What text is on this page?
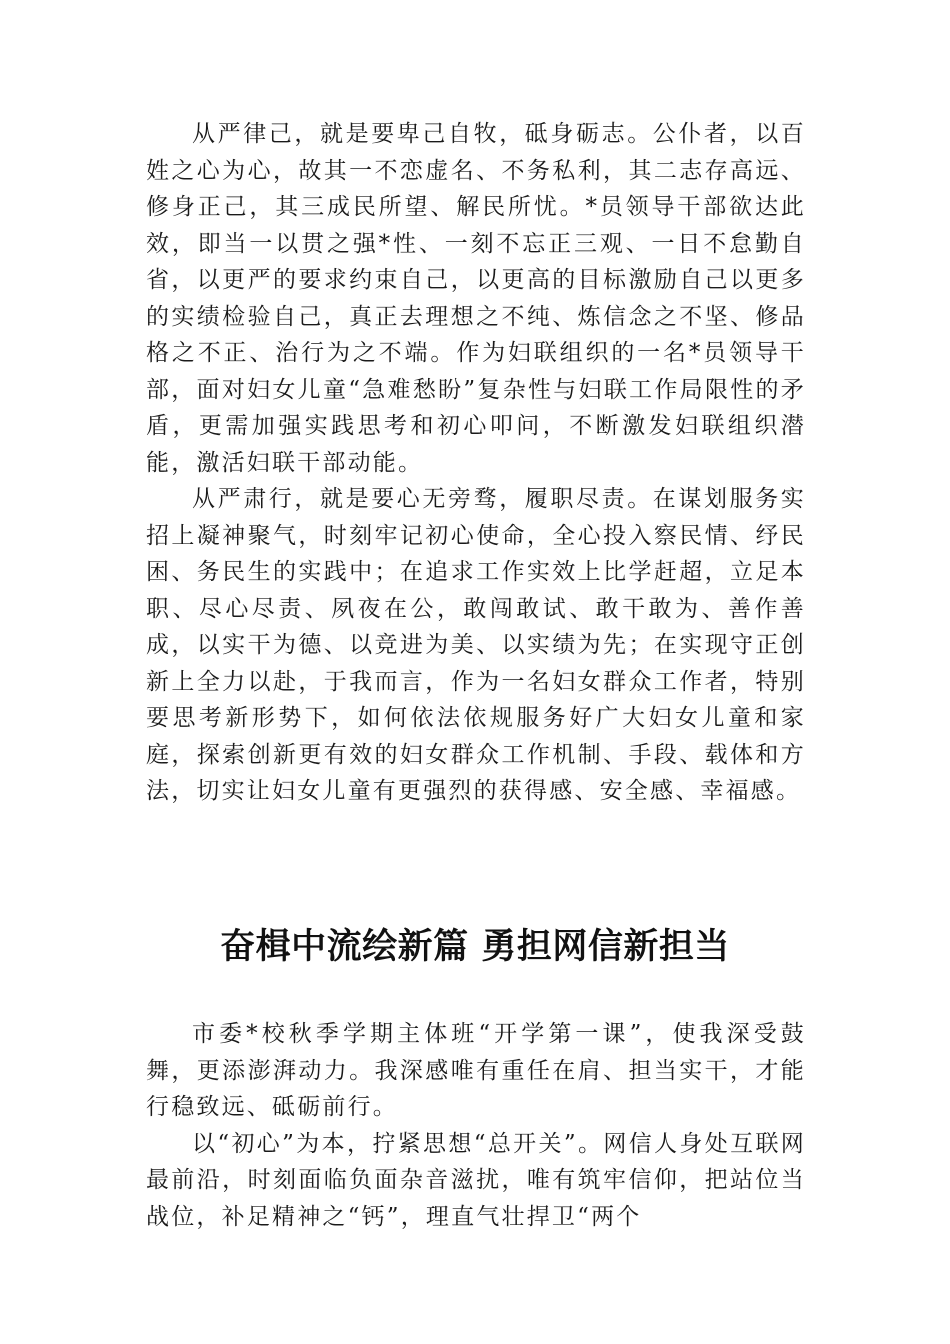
从严律己，就是要卑己自牧，砥身砺志。公仆者，以百姓之心为心，故其一不恋虚名、不务私利，其二志存高远、修身正己，其三成民所望、解民所忧。*员领导干部欲达此效，即当一以贯之强*性、一刻不忘正三观、一日不怠勤自省，以更严的要求约束自己，以更高的目标激励自己以更多的实绩检验自己，真正去理想之不纯、炼信念之不坚、修品格之不正、治行为之不端。作为妇联组织的一名*员领导干部，面对妇女儿童“急难愁盼”复杂性与妇联工作局限性的矛盾，更需加强实践思考和初心叩问，不断激发妇联组织潜能，激活妇联干部动能。

从严肃行，就是要心无旁骛，履职尽责。在谋划服务实招上凝神聚气，时刻牢记初心使命，全心投入察民情、纾民困、务民生的实践中；在追求工作实效上比学赶超，立足本职、尽心尽责、夙夜在公，敢闯敢试、敢干敢为、善作善成，以实干为德、以竞进为美、以实绩为先；在实现守正创新上全力以赴，于我而言，作为一名妇女群众工作者，特别要思考新形势下，如何依法依规服务好广大妇女儿童和家庭，探索创新更有效的妇女群众工作机制、手段、载体和方法，切实让妇女儿童有更强烈的获得感、安全感、幸福感。

奋楫中流绘新篇 勇担网信新担当

市委*校秋季学期主体班“开学第一课”，使我深受鼓舞，更添澎湃动力。我深感唯有重任在肩、担当实干，才能行稳致远、砥砺前行。

以“初心”为本，拧紧思想“总开关”。网信人身处互联网最前沿，时刻面临负面杂音滋扰，唯有筑牢信仰，把站位当战位，补足精神之“钙”，理直气壮捍卫“两个
